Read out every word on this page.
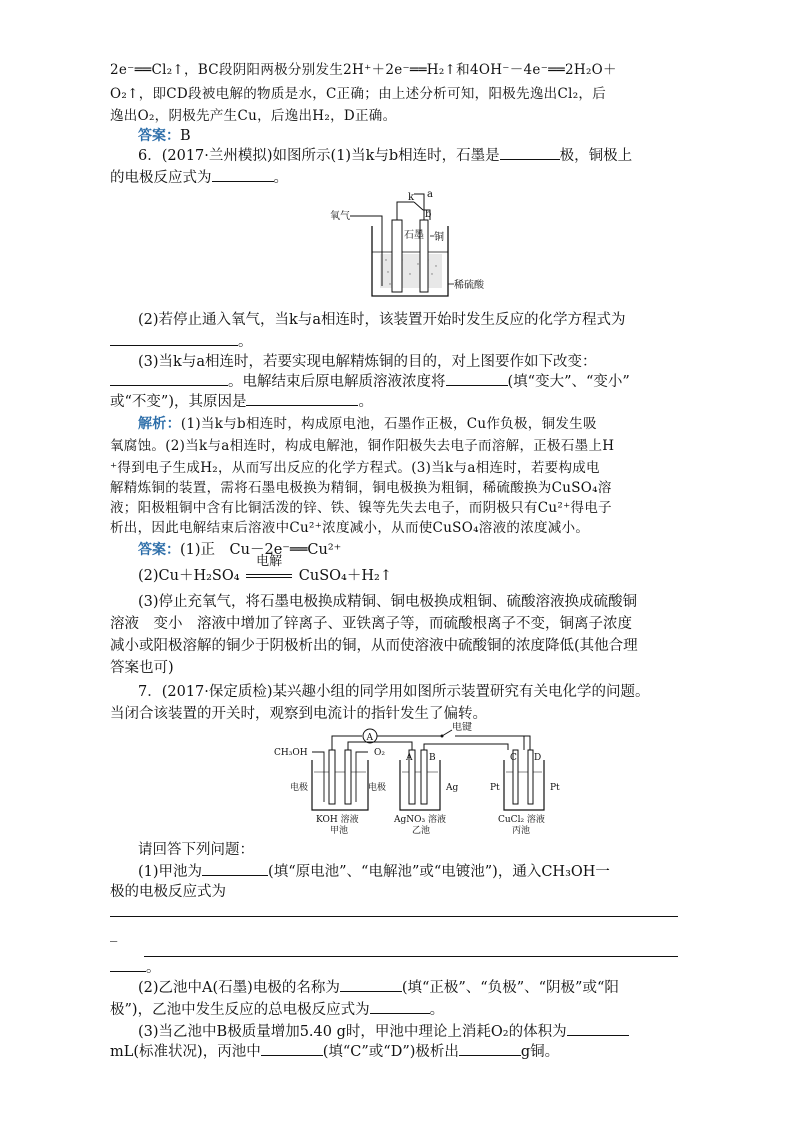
2e⁻══Cl₂↑，BC段阴阳两极分别发生2H⁺＋2e⁻══H₂↑和4OH⁻－4e⁻══2H₂O＋
O₂↑，即CD段被电解的物质是水，C正确；由上述分析可知，阳极先逸出Cl₂，后
逸出O₂，阴极先产生Cu，后逸出H₂，D正确。
答案：B
6．(2017·兰州模拟)如图所示(1)当k与b相连时，石墨是	极，铜极上
的电极反应式为	。
氧气
k a
b
石墨 铜
稀硫酸
(2)若停止通入氧气，当k与a相连时，该装置开始时发生反应的化学方程式为
。
(3)当k与a相连时，若要实现电解精炼铜的目的，对上图要作如下改变：
。电解结束后原电解质溶液浓度将	(填“变大”、“变小”
或“不变”)，其原因是	。
解析：(1)当k与b相连时，构成原电池，石墨作正极，Cu作负极，铜发生吸
氧腐蚀。(2)当k与a相连时，构成电解池，铜作阳极失去电子而溶解，正极石墨上H
⁺得到电子生成H₂，从而写出反应的化学方程式。(3)当k与a相连时，若要构成电
解精炼铜的装置，需将石墨电极换为精铜，铜电极换为粗铜，稀硫酸换为CuSO₄溶
液；阳极粗铜中含有比铜活泼的锌、铁、镍等先失去电子，而阴极只有Cu²⁺得电子
析出，因此电解结束后溶液中Cu²⁺浓度减小，从而使CuSO₄溶液的浓度减小。
答案：(1)正　Cu－2e⁻══Cu²⁺
(2)Cu＋H₂SO₄
电解
CuSO₄＋H₂↑
(3)停止充氧气，将石墨电极换成精铜、铜电极换成粗铜、硫酸溶液换成硫酸铜
溶液　变小　溶液中增加了锌离子、亚铁离子等，而硫酸根离子不变，铜离子浓度
减小或阳极溶解的铜少于阴极析出的铜，从而使溶液中硫酸铜的浓度降低(其他合理
答案也可)
7．(2017·保定质检)某兴趣小组的同学用如图所示装置研究有关电化学的问题。
当闭合该装置的开关时，观察到电流计的指针发生了偏转。
A
电键
CH₃OH	O₂
电极	电极
KOH 溶液
甲池
A B
Ag
AgNO₃ 溶液
乙池
C D
Pt	Pt
CuCl₂ 溶液
丙池
请回答下列问题：
(1)甲池为	(填“原电池”、“电解池”或“电镀池”)，通入CH₃OH一
极的电极反应式为
_
。
(2)乙池中A(石墨)电极的名称为	(填“正极”、“负极”、“阴极”或“阳
极”)，乙池中发生反应的总电极反应式为	。
(3)当乙池中B极质量增加5.40 g时，甲池中理论上消耗O₂的体积为
mL(标准状况)，丙池中	(填“C”或“D”)极析出	g铜。
